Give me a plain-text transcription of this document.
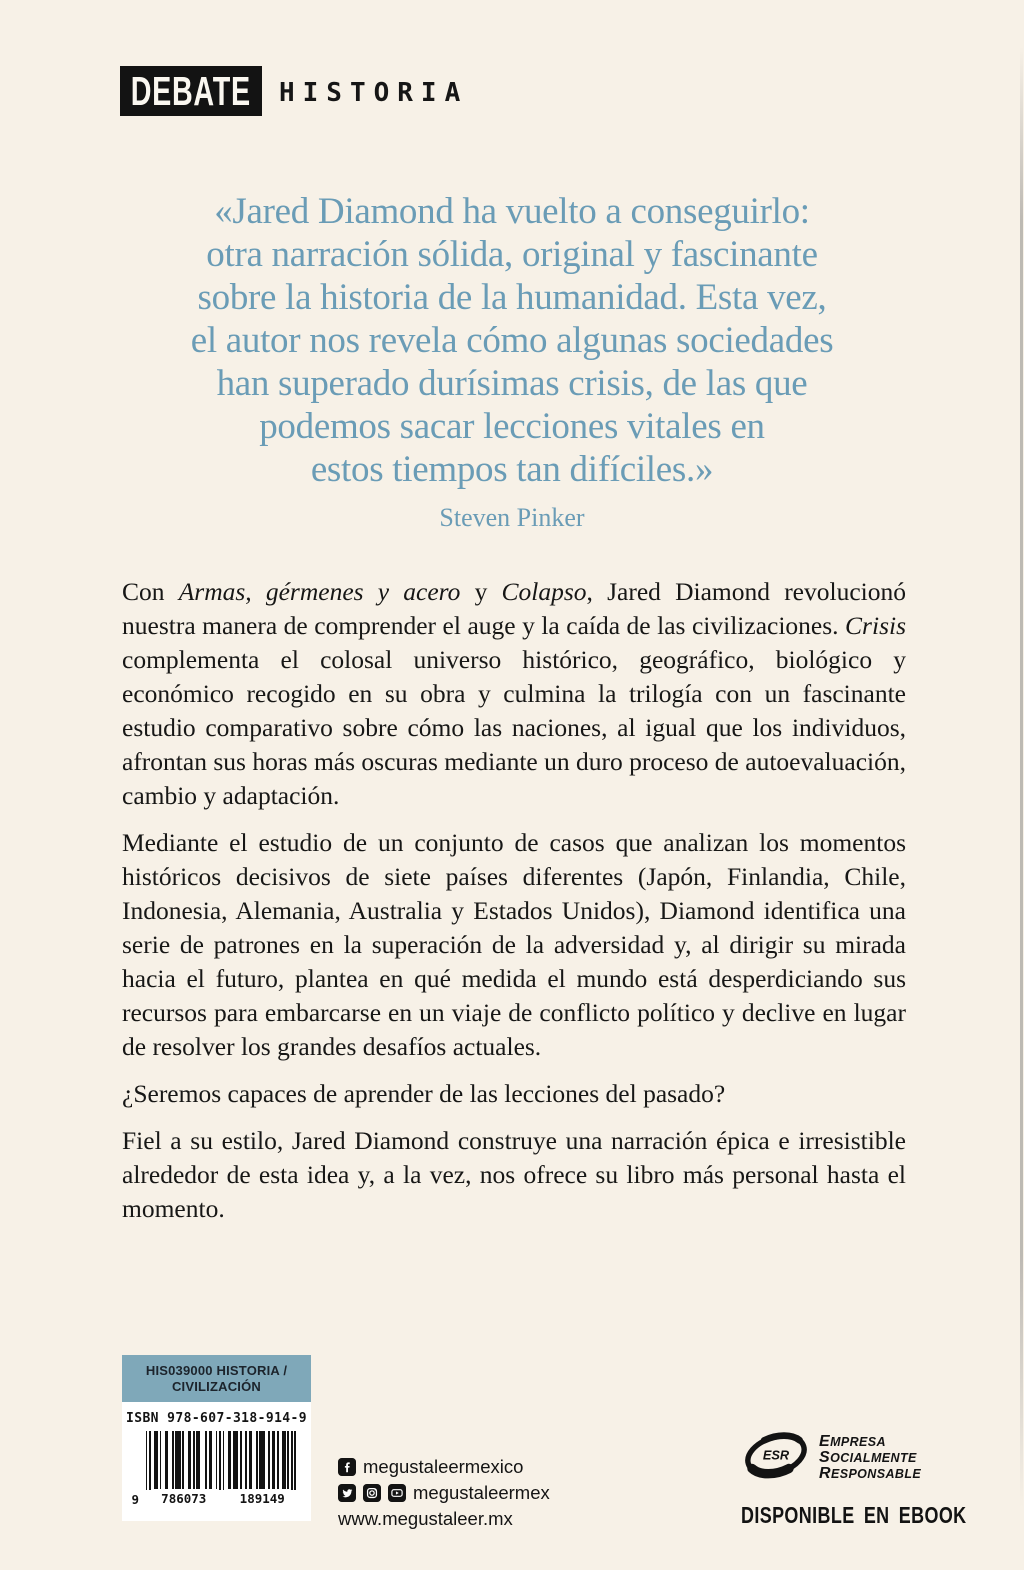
DEBATE HISTORIA
«Jared Diamond ha vuelto a conseguirlo:
otra narración sólida, original y fascinante
sobre la historia de la humanidad. Esta vez,
el autor nos revela cómo algunas sociedades
han superado durísimas crisis, de las que
podemos sacar lecciones vitales en
estos tiempos tan difíciles.»
Steven Pinker

Con Armas, gérmenes y acero y Colapso, Jared Diamond revolucionó nuestra manera de comprender el auge y la caída de las civilizaciones. Crisis complementa el colosal universo histórico, geográfico, biológico y económico recogido en su obra y culmina la trilogía con un fascinante estudio comparativo sobre cómo las naciones, al igual que los individuos, afrontan sus horas más oscuras mediante un duro proceso de autoevaluación, cambio y adaptación.

Mediante el estudio de un conjunto de casos que analizan los momentos históricos decisivos de siete países diferentes (Japón, Finlandia, Chile, Indonesia, Alemania, Australia y Estados Unidos), Diamond identifica una serie de patrones en la superación de la adversidad y, al dirigir su mirada hacia el futuro, plantea en qué medida el mundo está desperdiciando sus recursos para embarcarse en un viaje de conflicto político y declive en lugar de resolver los grandes desafíos actuales.

¿Seremos capaces de aprender de las lecciones del pasado?

Fiel a su estilo, Jared Diamond construye una narración épica e irresistible alrededor de esta idea y, a la vez, nos ofrece su libro más personal hasta el momento.

HIS039000 HISTORIA /
CIVILIZACIÓN
ISBN 978-607-318-914-9
9	786073	189149
megustaleermexico
megustaleermex
www.megustaleer.mx
ESR
EMPRESA
SOCIALMENTE
RESPONSABLE
DISPONIBLE EN EBOOK
